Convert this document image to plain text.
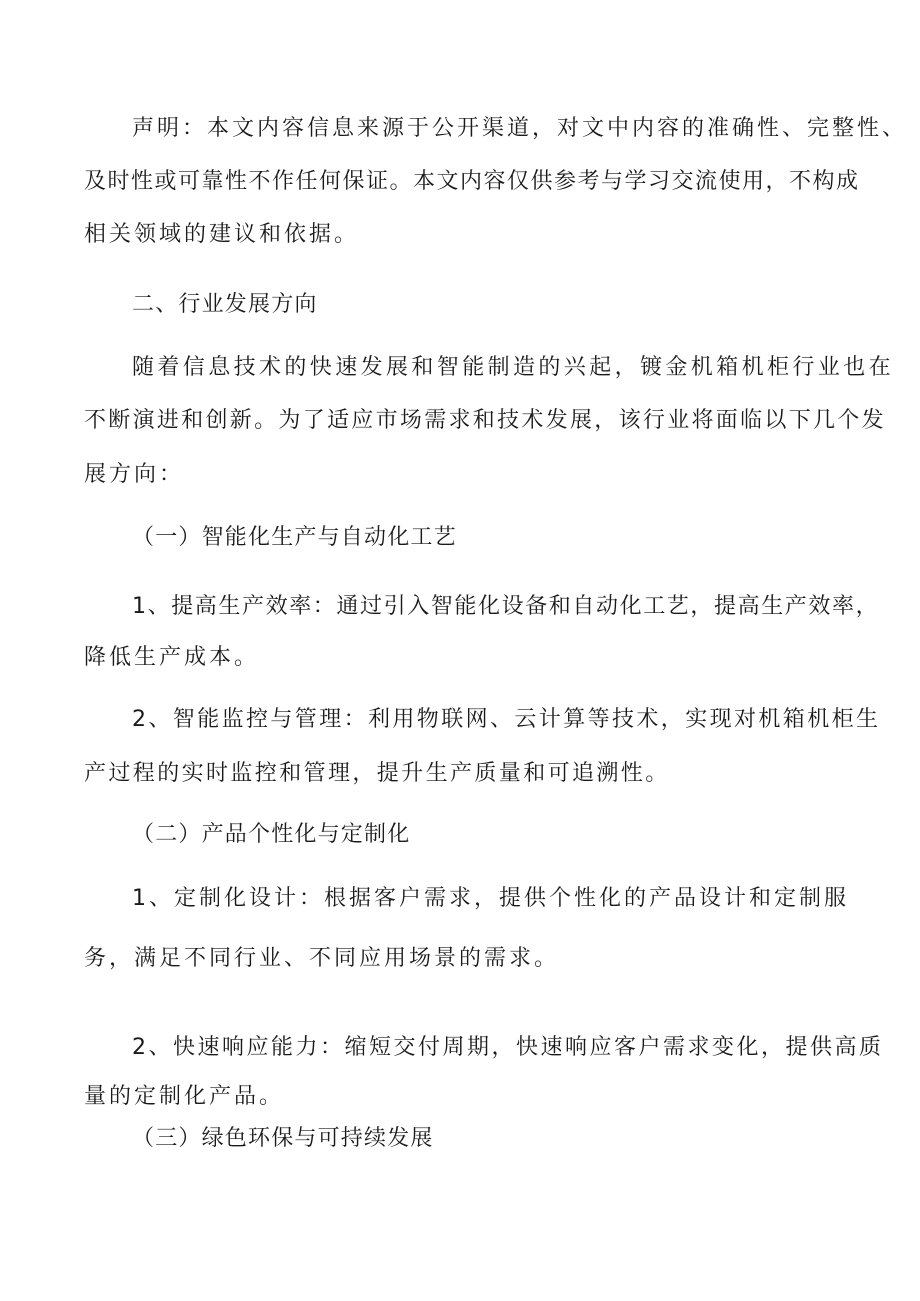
声明：本文内容信息来源于公开渠道，对文中内容的准确性、完整性、
及时性或可靠性不作任何保证。本文内容仅供参考与学习交流使用，不构成
相关领域的建议和依据。
二、行业发展方向
随着信息技术的快速发展和智能制造的兴起，镀金机箱机柜行业也在
不断演进和创新。为了适应市场需求和技术发展，该行业将面临以下几个发
展方向：
（一）智能化生产与自动化工艺
1、提高生产效率：通过引入智能化设备和自动化工艺，提高生产效率，
降低生产成本。
2、智能监控与管理：利用物联网、云计算等技术，实现对机箱机柜生
产过程的实时监控和管理，提升生产质量和可追溯性。
（二）产品个性化与定制化
1、定制化设计：根据客户需求，提供个性化的产品设计和定制服
务，满足不同行业、不同应用场景的需求。
2、快速响应能力：缩短交付周期，快速响应客户需求变化，提供高质
量的定制化产品。
（三）绿色环保与可持续发展
